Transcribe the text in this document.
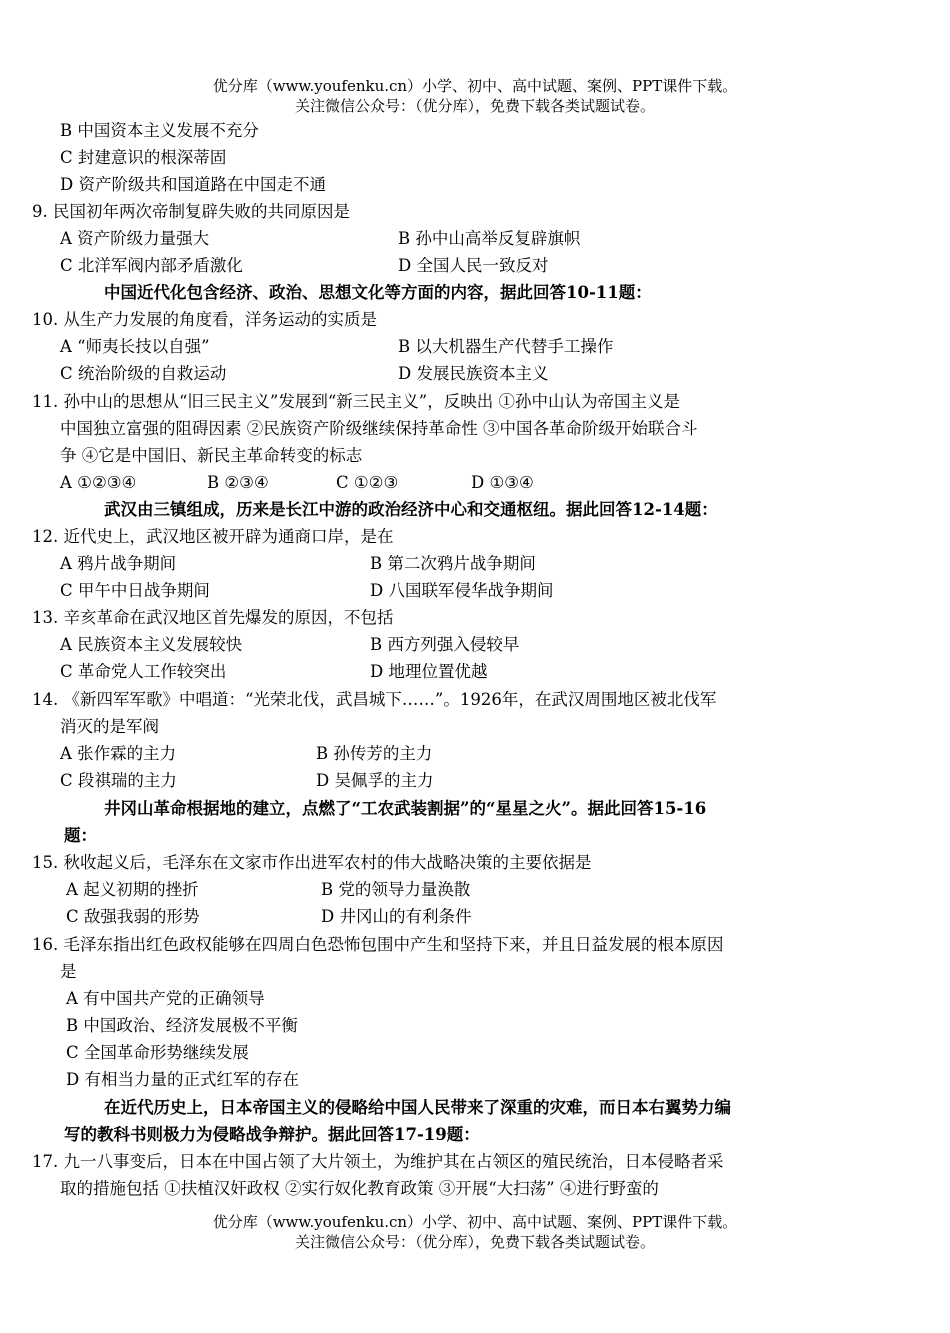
优分库（www.youfenku.cn）小学、初中、高中试题、案例、PPT课件下载。
关注微信公众号：（优分库），免费下载各类试题试卷。
B 中国资本主义发展不充分
C 封建意识的根深蒂固
D 资产阶级共和国道路在中国走不通
9. 民国初年两次帝制复辟失败的共同原因是
A 资产阶级力量强大	B 孙中山高举反复辟旗帜
C 北洋军阀内部矛盾激化	D 全国人民一致反对
中国近代化包含经济、政治、思想文化等方面的内容，据此回答10-11题：
10. 从生产力发展的角度看，洋务运动的实质是
A “师夷长技以自强”	B 以大机器生产代替手工操作
C 统治阶级的自救运动	D 发展民族资本主义
11. 孙中山的思想从“旧三民主义”发展到“新三民主义”，反映出 ①孙中山认为帝国主义是
中国独立富强的阻碍因素 ②民族资产阶级继续保持革命性 ③中国各革命阶级开始联合斗
争 ④它是中国旧、新民主革命转变的标志
A ①②③④	B ②③④	C ①②③	D ①③④
武汉由三镇组成，历来是长江中游的政治经济中心和交通枢纽。据此回答12-14题：
12. 近代史上，武汉地区被开辟为通商口岸，是在
A 鸦片战争期间	B 第二次鸦片战争期间
C 甲午中日战争期间	D 八国联军侵华战争期间
13. 辛亥革命在武汉地区首先爆发的原因，不包括
A 民族资本主义发展较快	B 西方列强入侵较早
C 革命党人工作较突出	D 地理位置优越
14. 《新四军军歌》中唱道：“光荣北伐，武昌城下……”。1926年，在武汉周围地区被北伐军
消灭的是军阀
A 张作霖的主力	B 孙传芳的主力
C 段祺瑞的主力	D 吴佩孚的主力
井冈山革命根据地的建立，点燃了“工农武装割据”的“星星之火”。据此回答15-16
题：
15. 秋收起义后，毛泽东在文家市作出进军农村的伟大战略决策的主要依据是
A 起义初期的挫折	B 党的领导力量涣散
C 敌强我弱的形势	D 井冈山的有利条件
16. 毛泽东指出红色政权能够在四周白色恐怖包围中产生和坚持下来，并且日益发展的根本原因
是
A 有中国共产党的正确领导
B 中国政治、经济发展极不平衡
C 全国革命形势继续发展
D 有相当力量的正式红军的存在
在近代历史上，日本帝国主义的侵略给中国人民带来了深重的灾难，而日本右翼势力编
写的教科书则极力为侵略战争辩护。据此回答17-19题：
17. 九一八事变后，日本在中国占领了大片领土，为维护其在占领区的殖民统治，日本侵略者采
取的措施包括 ①扶植汉奸政权 ②实行奴化教育政策 ③开展“大扫荡” ④进行野蛮的
优分库（www.youfenku.cn）小学、初中、高中试题、案例、PPT课件下载。
关注微信公众号：（优分库），免费下载各类试题试卷。
